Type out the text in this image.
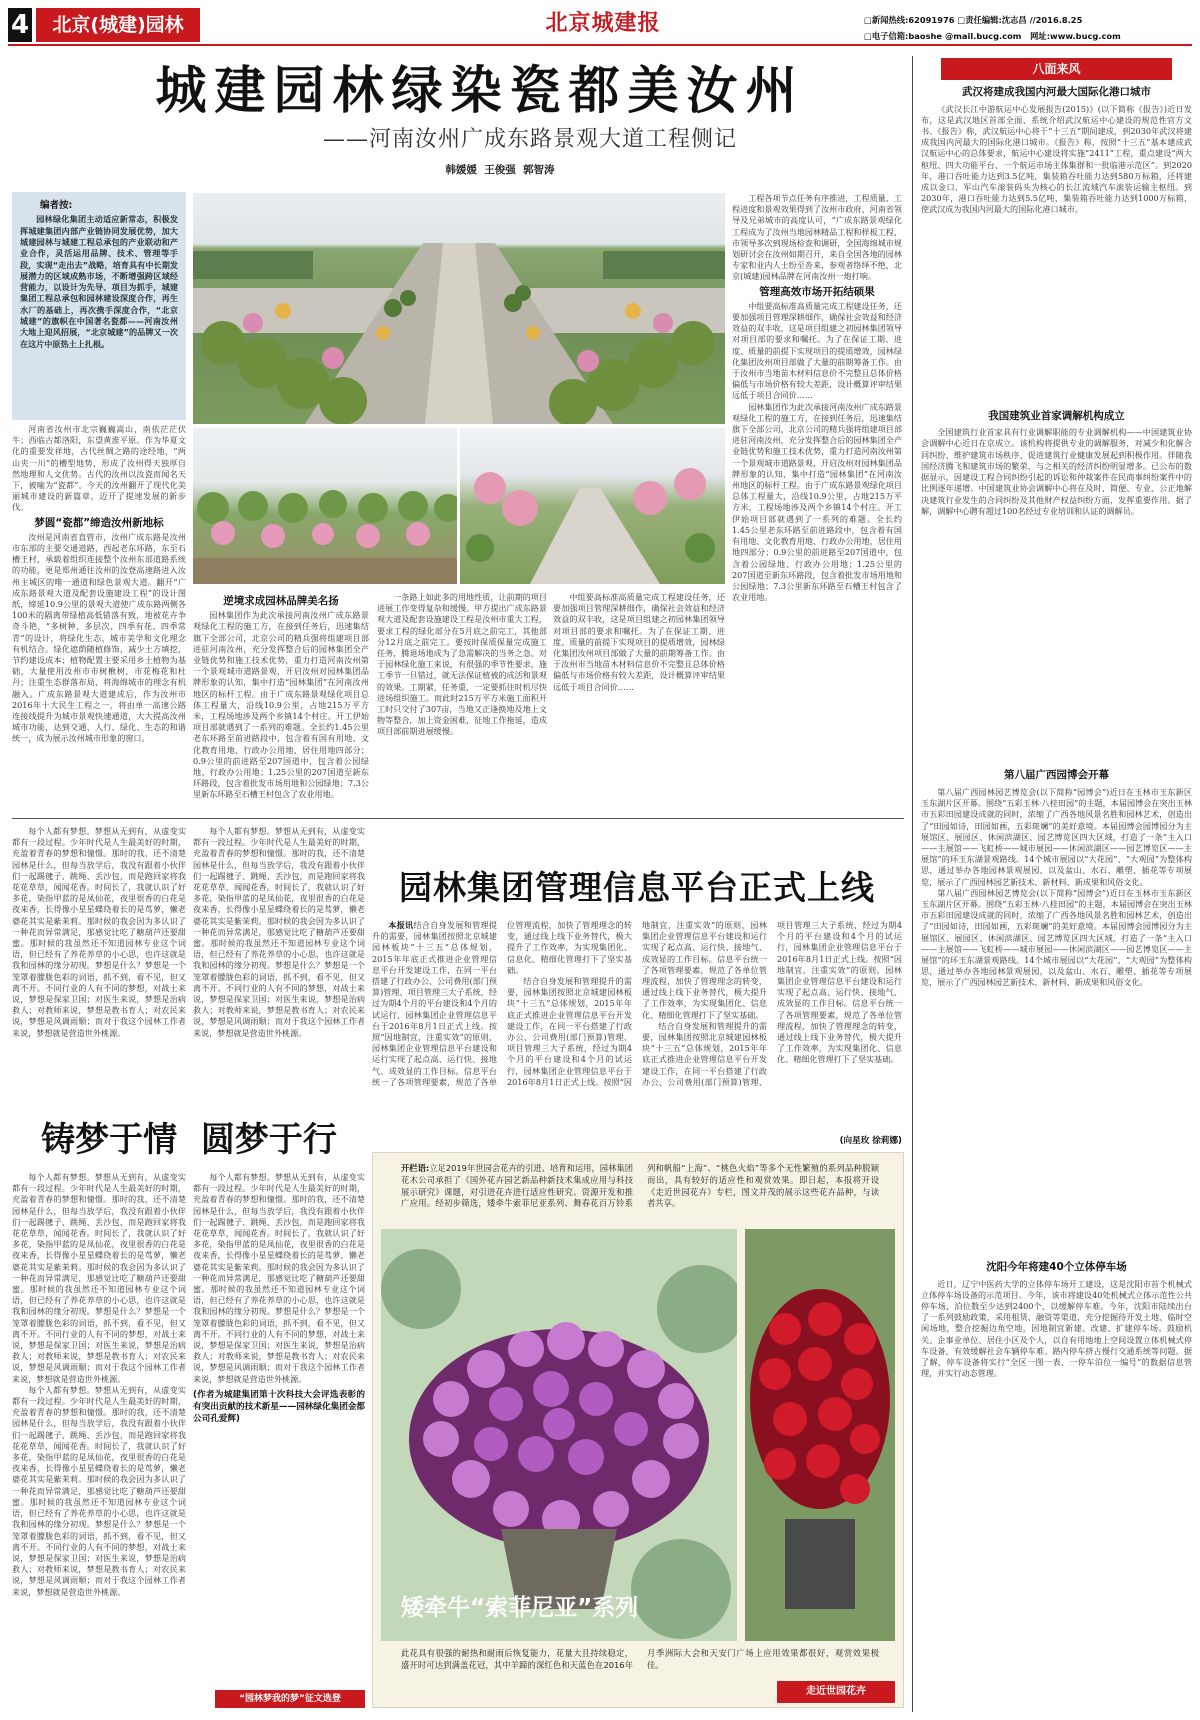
4	北京(城建)园林	北京城建报	□新闻热线:62091976 □责任编辑:沈志昌 //2016.8.25
□电子信箱:baoshe @mail.bucg.com 网址:www.bucg.com
城建园林绿染瓷都美汝州
——河南汝州广成东路景观大道工程侧记
韩媛媛  王俊强  郭智涛
编者按:
园林绿化集团主动适应新常态，积极发挥城建集团内部产业链协同发展优势，加大城建园林与城建工程总承包的产业联动和产业合作，灵活运用品牌、技术、管理等手段，实现“走出去”战略，培育具有中长期发展潜力的区域成熟市场，不断增强跨区域经营能力，以设计为先导、项目为抓手，城建集团工程总承包和园林建设深度合作，再生水厂的基础上，再次携手深度合作，“北京城建”的旗帜在中国著名瓷都——河南汝州大地上迎风招展，“北京城建”的品牌又一次在这片中原热土上扎根。

河南省汝州市北宗巍巍嵩山，南依茫茫伏牛；西临古都洛阳，东望黄淮平原。作为华夏文化的重要发祥地，古代丝绸之路的途经地，“两山夹一川”的槽型地势，形成了汝州得天独厚自然地理和人文优势。古代的汝州以汝瓷而闻名天下，被喻为“瓷都”。今天的汝州翻开了现代化美丽城市建设的新篇章，迈开了提速发展的新步伐。

梦圆“瓷都”缔造汝州新地标

汝州是河南省直管市，汝州广成东路是汝州市东部的主要交通道路，西起老东环路，东至石槽王村，承载着组织连接整个汝州东部道路系统的功能，更是郑州通往汝州的汝登高速路进入汝州主城区的唯一通道和绿色景观大道。翻开“广成东路景观大道及配套设施建设工程”的设计图纸，缔延10.9公里的景观大道使广成东路两侧各100米的隔离带绿植高低错落有致，地被花卉争奇斗艳，“多树种、多层次、四季有花、四季常青”的设计，将绿化生态、城市美学和文化理念有机结合。绿化遮荫随植修饰，减少土方填挖，节约建设成本；植物配置主要采用乡土植物为基础，大量使用汝州市市树楸树，市花梅花和杜丹；注重生态群落布局，将海绵城市的理念有机融入。广成东路景观大道建成后，作为汝州市2016年十大民生工程之一，将由单一高速公路连接线提升为城市景观快速通道，大大提高汝州城市功能，达到交通、人行、绿化、生态的和谐统一，成为展示汝州城市形象的窗口。

逆境求成园林品牌美名扬

园林集团作为此次承接河南汝州广成东路景观绿化工程的施工方，在接到任务后，迅速集结旗下全部公司，北京公司的精兵强将组建项目部进驻河南汝州，充分发挥整合后的园林集团全产业链优势和施工技术优势，重力打造河南汝州第一个景观城市道路景观，开启汝州对园林集团品牌形象的认知，集中打造“园林集团”在河南汝州地区的标杆工程。由于广成东路景观绿化项目总体工程量大，沿线10.9公里，占地215万平方米，工程场地涉及两个乡镇14个村庄。开工伊始项目部就遇到了一系列的难题。全长约1.45公里老东环路至前进路段中，包含着有国有用地、文化教育用地、行政办公用地，居住用地四部分；0.9公里的前进路至207国道中，包含着公园绿地、行政办公用地；1.25公里的207国道至新东环路段，包含着批发市场用地和公园绿地；7.3公里新东环路至石槽王村包含了农业用地。

一条路上如此多的用地性质，让前期的项目进展工作变得复杂和缓慢。甲方提出广成东路景观大道及配套设施建设工程是汝州市重大工程，要求工程的绿化部分在5月底之前完工，其他部分12月底之前完工。要按时保质保量完成施工任务，腾退场地成为了急需解决的当务之急。对于园林绿化施工来说，有很强的季节性要求，施工季节一旦错过，就无法保证植被的成活和景观的效果。工期紧，任务重，一定要抓住时机尽快进场组织施工。而此时215万平方米施工面积开工时只交付了307亩，当地又正逢换地及地上文物等整合，加上资金困难，征地工作拖延，造成项目部前期进展缓慢。

中组要高标准高质量完成工程建设任务，还要加强项目管理深耕细作，确保社会效益和经济效益的双丰收，这是项目组建之初园林集团领导对项目部的要求和嘱托。为了在保证工期、进度、质量的前提下实现项目的提质增效，园林绿化集团汝州项目部做了大量的前期筹备工作。由于汝州市当地苗木材料信息价不完整且总体价格偏低与市场价格有较大差距，设计概算评审结果远低于项目合同价……

工程各项节点任务有序推进，工程质量、工程进度和景观效果得到了汝州市政府、河南省领导及兄弟城市的高度认可，“广成东路景观绿化工程成为了汝州当地园林精品工程和样板工程，市领导多次到现场检查和调研，全国海绵城市规划研讨会在汝州如期召开，来自全国各地的园林专家和业内人士纷至沓来，参观者络绎不绝，北京(城建)园林品牌在河南汝州一炮打响。

管理高效市场开拓结硕果

中组要高标准高质量完成工程建设任务，还要加强项目管理深耕细作，确保社会效益和经济效益的双丰收，这是项目组建之初园林集团领导对项目部的要求和嘱托。为了在保证工期、进度、质量的前提下实现项目的提质增效，园林绿化集团汝州项目部做了大量的前期筹备工作。由于汝州市当地苗木材料信息价不完整且总体价格偏低与市场价格有较大差距，设计概算评审结果远低于项目合同价……

园林集团作为此次承接河南汝州广成东路景观绿化工程的施工方，在接到任务后，迅速集结旗下全部公司，北京公司的精兵强将组建项目部进驻河南汝州，充分发挥整合后的园林集团全产业链优势和施工技术优势，重力打造河南汝州第一个景观城市道路景观，开启汝州对园林集团品牌形象的认知，集中打造“园林集团”在河南汝州地区的标杆工程。由于广成东路景观绿化项目总体工程量大，沿线10.9公里，占地215万平方米，工程场地涉及两个乡镇14个村庄。开工伊始项目部就遇到了一系列的难题。全长约1.45公里老东环路至前进路段中，包含着有国有用地、文化教育用地、行政办公用地，居住用地四部分；0.9公里的前进路至207国道中，包含着公园绿地、行政办公用地；1.25公里的207国道至新东环路段，包含着批发市场用地和公园绿地；7.3公里新东环路至石槽王村包含了农业用地。

每个人都有梦想。梦想从无到有，从虚变实都有一段过程。少年时代是人生最美好的时期，充盈着青春的梦想和憧憬。那时的我，还不清楚园林是什么，但每当放学后，我没有跟着小伙伴们一起踢毽子、跳绳、丢沙包，而是跑回家将我花花草草，闻闻花香。时间长了，我就认识了好多花，染指甲蓝的是凤仙花，夜里很香的白花是夜来香，长得像小星星蝶绕着长的是茑萝，懒老婆花其实是紫茉莉。那时候的我会因为多认识了一种花而异常满足，那感觉比吃了糖葫芦还要甜蜜。那时候的我虽然还不知道园林专业这个词语，但已经有了养花养草的小心思，也许这就是我和园林的缘分初现。梦想是什么？梦想是一个笼罩着朦胧色彩的词语，抓不到，看不见，但又离不开。不同行业的人有不同的梦想，对战士来说，梦想是保家卫国；对医生来说，梦想是治病救人；对教师来说，梦想是教书育人；对农民来说，梦想是风调雨顺；而对于我这个园林工作者来说，梦想就是营造世外桃源。

每个人都有梦想。梦想从无到有，从虚变实都有一段过程。少年时代是人生最美好的时期，充盈着青春的梦想和憧憬。那时的我，还不清楚园林是什么，但每当放学后，我没有跟着小伙伴们一起踢毽子、跳绳、丢沙包，而是跑回家将我花花草草，闻闻花香。时间长了，我就认识了好多花，染指甲蓝的是凤仙花，夜里很香的白花是夜来香，长得像小星星蝶绕着长的是茑萝，懒老婆花其实是紫茉莉。那时候的我会因为多认识了一种花而异常满足，那感觉比吃了糖葫芦还要甜蜜。那时候的我虽然还不知道园林专业这个词语，但已经有了养花养草的小心思，也许这就是我和园林的缘分初现。梦想是什么？梦想是一个笼罩着朦胧色彩的词语，抓不到，看不见，但又离不开。不同行业的人有不同的梦想，对战士来说，梦想是保家卫国；对医生来说，梦想是治病救人；对教师来说，梦想是教书育人；对农民来说，梦想是风调雨顺；而对于我这个园林工作者来说，梦想就是营造世外桃源。

铸梦于情  圆梦于行

每个人都有梦想。梦想从无到有，从虚变实都有一段过程。少年时代是人生最美好的时期，充盈着青春的梦想和憧憬。那时的我，还不清楚园林是什么，但每当放学后，我没有跟着小伙伴们一起踢毽子、跳绳、丢沙包，而是跑回家将我花花草草，闻闻花香。时间长了，我就认识了好多花，染指甲蓝的是凤仙花，夜里很香的白花是夜来香，长得像小星星蝶绕着长的是茑萝，懒老婆花其实是紫茉莉。那时候的我会因为多认识了一种花而异常满足，那感觉比吃了糖葫芦还要甜蜜。那时候的我虽然还不知道园林专业这个词语，但已经有了养花养草的小心思，也许这就是我和园林的缘分初现。梦想是什么？梦想是一个笼罩着朦胧色彩的词语，抓不到，看不见，但又离不开。不同行业的人有不同的梦想，对战士来说，梦想是保家卫国；对医生来说，梦想是治病救人；对教师来说，梦想是教书育人；对农民来说，梦想是风调雨顺；而对于我这个园林工作者来说，梦想就是营造世外桃源。

每个人都有梦想。梦想从无到有，从虚变实都有一段过程。少年时代是人生最美好的时期，充盈着青春的梦想和憧憬。那时的我，还不清楚园林是什么，但每当放学后，我没有跟着小伙伴们一起踢毽子、跳绳、丢沙包，而是跑回家将我花花草草，闻闻花香。时间长了，我就认识了好多花，染指甲蓝的是凤仙花，夜里很香的白花是夜来香，长得像小星星蝶绕着长的是茑萝，懒老婆花其实是紫茉莉。那时候的我会因为多认识了一种花而异常满足，那感觉比吃了糖葫芦还要甜蜜。那时候的我虽然还不知道园林专业这个词语，但已经有了养花养草的小心思，也许这就是我和园林的缘分初现。梦想是什么？梦想是一个笼罩着朦胧色彩的词语，抓不到，看不见，但又离不开。不同行业的人有不同的梦想，对战士来说，梦想是保家卫国；对医生来说，梦想是治病救人；对教师来说，梦想是教书育人；对农民来说，梦想是风调雨顺；而对于我这个园林工作者来说，梦想就是营造世外桃源。

每个人都有梦想。梦想从无到有，从虚变实都有一段过程。少年时代是人生最美好的时期，充盈着青春的梦想和憧憬。那时的我，还不清楚园林是什么，但每当放学后，我没有跟着小伙伴们一起踢毽子、跳绳、丢沙包，而是跑回家将我花花草草，闻闻花香。时间长了，我就认识了好多花，染指甲蓝的是凤仙花，夜里很香的白花是夜来香，长得像小星星蝶绕着长的是茑萝，懒老婆花其实是紫茉莉。那时候的我会因为多认识了一种花而异常满足，那感觉比吃了糖葫芦还要甜蜜。那时候的我虽然还不知道园林专业这个词语，但已经有了养花养草的小心思，也许这就是我和园林的缘分初现。梦想是什么？梦想是一个笼罩着朦胧色彩的词语，抓不到，看不见，但又离不开。不同行业的人有不同的梦想，对战士来说，梦想是保家卫国；对医生来说，梦想是治病救人；对教师来说，梦想是教书育人；对农民来说，梦想是风调雨顺；而对于我这个园林工作者来说，梦想就是营造世外桃源。

(作者为城建集团第十次科技大会评选表彰的有突出贡献的技术新星——园林绿化集团金都公司孔爱辉)
“园林梦我的梦”征文选登
园林集团管理信息平台正式上线

本报讯结合自身发展和管理提升的需要，园林集团按照北京城建园林板块“十三五”总体规划，2015年年底正式推进企业管理信息平台开发建设工作，在同一平台搭建了行政办公、公司费用(部门预算)管理、项目管理三大子系统，经过为期4个月的平台建设和4个月的试运行，园林集团企业管理信息平台于2016年8月1日正式上线。按照“因地制宜，注重实效”的原则，园林集团企业管理信息平台建设和运行实现了起点高、运行快、接地气、成效显的工作目标。信息平台统一了各项管理要素，规范了各单位管理流程，加快了管理理念的转变，通过线上线下业务替代，极大提升了工作效率，为实现集团化、信息化、精细化管理打下了坚实基础。

结合自身发展和管理提升的需要，园林集团按照北京城建园林板块“十三五”总体规划，2015年年底正式推进企业管理信息平台开发建设工作，在同一平台搭建了行政办公、公司费用(部门预算)管理、项目管理三大子系统，经过为期4个月的平台建设和4个月的试运行，园林集团企业管理信息平台于2016年8月1日正式上线。按照“因地制宜，注重实效”的原则，园林集团企业管理信息平台建设和运行实现了起点高、运行快、接地气、成效显的工作目标。信息平台统一了各项管理要素，规范了各单位管理流程，加快了管理理念的转变，通过线上线下业务替代，极大提升了工作效率，为实现集团化、信息化、精细化管理打下了坚实基础。

结合自身发展和管理提升的需要，园林集团按照北京城建园林板块“十三五”总体规划，2015年年底正式推进企业管理信息平台开发建设工作，在同一平台搭建了行政办公、公司费用(部门预算)管理、项目管理三大子系统，经过为期4个月的平台建设和4个月的试运行，园林集团企业管理信息平台于2016年8月1日正式上线。按照“因地制宜，注重实效”的原则，园林集团企业管理信息平台建设和运行实现了起点高、运行快、接地气、成效显的工作目标。信息平台统一了各项管理要素，规范了各单位管理流程，加快了管理理念的转变，通过线上线下业务替代，极大提升了工作效率，为实现集团化、信息化、精细化管理打下了坚实基础。

(向星玫 徐莉娜)
开栏语:立足2019年世园会花卉的引进、培育和运用，园林集团花木公司承担了《国外花卉园艺新品种新技术集成应用与科技展示研究》课题，对引进花卉进行适应性研究、资源开发和推广应用。经初步筛选，矮牵牛索菲尼亚系列、舞春花百万铃系列和帆船“上海”、“桃色火焰”等多个无性繁殖的系列品种脱颖而出，具有较好的适应性和观赏效果。即日起，本报将开设《走近世园花卉》专栏，图文并茂的展示这些花卉品种，与读者共享。
矮牵牛“索菲尼亚”系列
此花具有很强的耐热和耐雨后恢复能力，花量大且持续稳定，盛开时可达到满盖花冠，其中羊蹄的深红色和天蓝色在2016年月季洲际大会和天安门广场上应用效果都很好，观赏效果极佳。
走近世园花卉
八面来风
武汉将建成我国内河最大国际化港口城市

《武汉长江中游航运中心发展报告(2015)》(以下简称《报告》)近日发布，这是武汉地区首部全面、系统介绍武汉航运中心建设的规范性官方文书。《报告》称，武汉航运中心将于“十三五”期间建成，到2030年武汉将建成我国内河最大的国际化港口城市。《报告》称，按照“十三五”基本建成武汉航运中心的总体要求，航运中心建设将实施“2411”工程，重点建设“两大枢纽、四大功能平台、一个航运市场主体集群和一批临港示范区”。到2020年，港口吞吐能力达到3.5亿吨，集装箱吞吐能力达到580万标箱，还将建成以金口、军山汽车滚装码头为核心的长江流域汽车滚装运输主枢纽。到2030年，港口吞吐能力达到5.5亿吨，集装箱吞吐能力达到1000万标箱，使武汉成为我国内河最大的国际化港口城市。

我国建筑业首家调解机构成立

全国建筑行业首家具有行业调解职能的专业调解机构——中国建筑业协会调解中心近日在京成立。该机构将提供专业的调解服务，对减少和化解合同纠纷、维护建筑市场秩序、促进建筑行业健康发展起到积极作用。伴随我国经济腾飞和建筑市场的繁荣，与之相关的经济纠纷明显增多。已公布的数据显示，因建设工程合同纠纷引起的诉讼和仲裁案件在民商事纠纷案件中的比例逐年递增。中国建筑业协会调解中心将在及时、简便、专业、公正地解决建筑行业发生的合同纠纷及其他财产权益纠纷方面，发挥重要作用。据了解，调解中心聘有超过100名经过专业培训和认证的调解员。

第八届广西园博会开幕

第八届广西园林园艺博览会(以下简称“园博会”)近日在玉林市玉东新区玉东湖片区开幕。围绕“五彩玉林·八桂田园”的主题，本届园博会在突出玉林市五彩田园建设成就的同时，浓缩了广西各地风景名胜和园林艺术，创造出了“田园如诗，田园如画，五彩斑斓”的美好意境。本届园博会园博园分为主展馆区、展园区、休闲滨湖区、园艺博览区四大区域，打造了一条“主入口——主展馆——飞虹桥——城市展园——休闲滨湖区——园艺博览区——主展馆”的环玉东湖景观路线。14个城市展园以“大花园”、“大观园”为整体构思，通过举办各地园林景观展园，以及盆山、水石、雕塑、插花等专项展览，展示了广西园林园艺新技术、新材料、新成果和风俗文化。

第八届广西园林园艺博览会(以下简称“园博会”)近日在玉林市玉东新区玉东湖片区开幕。围绕“五彩玉林·八桂田园”的主题，本届园博会在突出玉林市五彩田园建设成就的同时，浓缩了广西各地风景名胜和园林艺术，创造出了“田园如诗，田园如画，五彩斑斓”的美好意境。本届园博会园博园分为主展馆区、展园区、休闲滨湖区、园艺博览区四大区域，打造了一条“主入口——主展馆——飞虹桥——城市展园——休闲滨湖区——园艺博览区——主展馆”的环玉东湖景观路线。14个城市展园以“大花园”、“大观园”为整体构思，通过举办各地园林景观展园，以及盆山、水石、雕塑、插花等专项展览，展示了广西园林园艺新技术、新材料、新成果和风俗文化。

沈阳今年将建40个立体停车场

近日，辽宁中医药大学的立体停车场开工建设，这是沈阳市首个机械式立体停车场设备的示范项目。今年，该市将建设40处机械式立体示范性公共停车场，泊位数至少达到2400个，以缓解停车难。今年，沈阳市陆续出台了一系列鼓励政策，采用租赁、融资等渠道，充分挖掘待开发土地、临时空闲场地，整合挖掘边角空地，因地制宜新建、改建、扩建停车场。鼓励机关、企事业单位、居住小区及个人，以自有用地地上空间设置立体机械式停车设备，有效缓解社会车辆停车难、路内停车挤占慢行交通系统等问题。据了解，停车设备将实行“全区一图一表、一停车泊位一编号”的数据信息管理，并实行动态管理。
